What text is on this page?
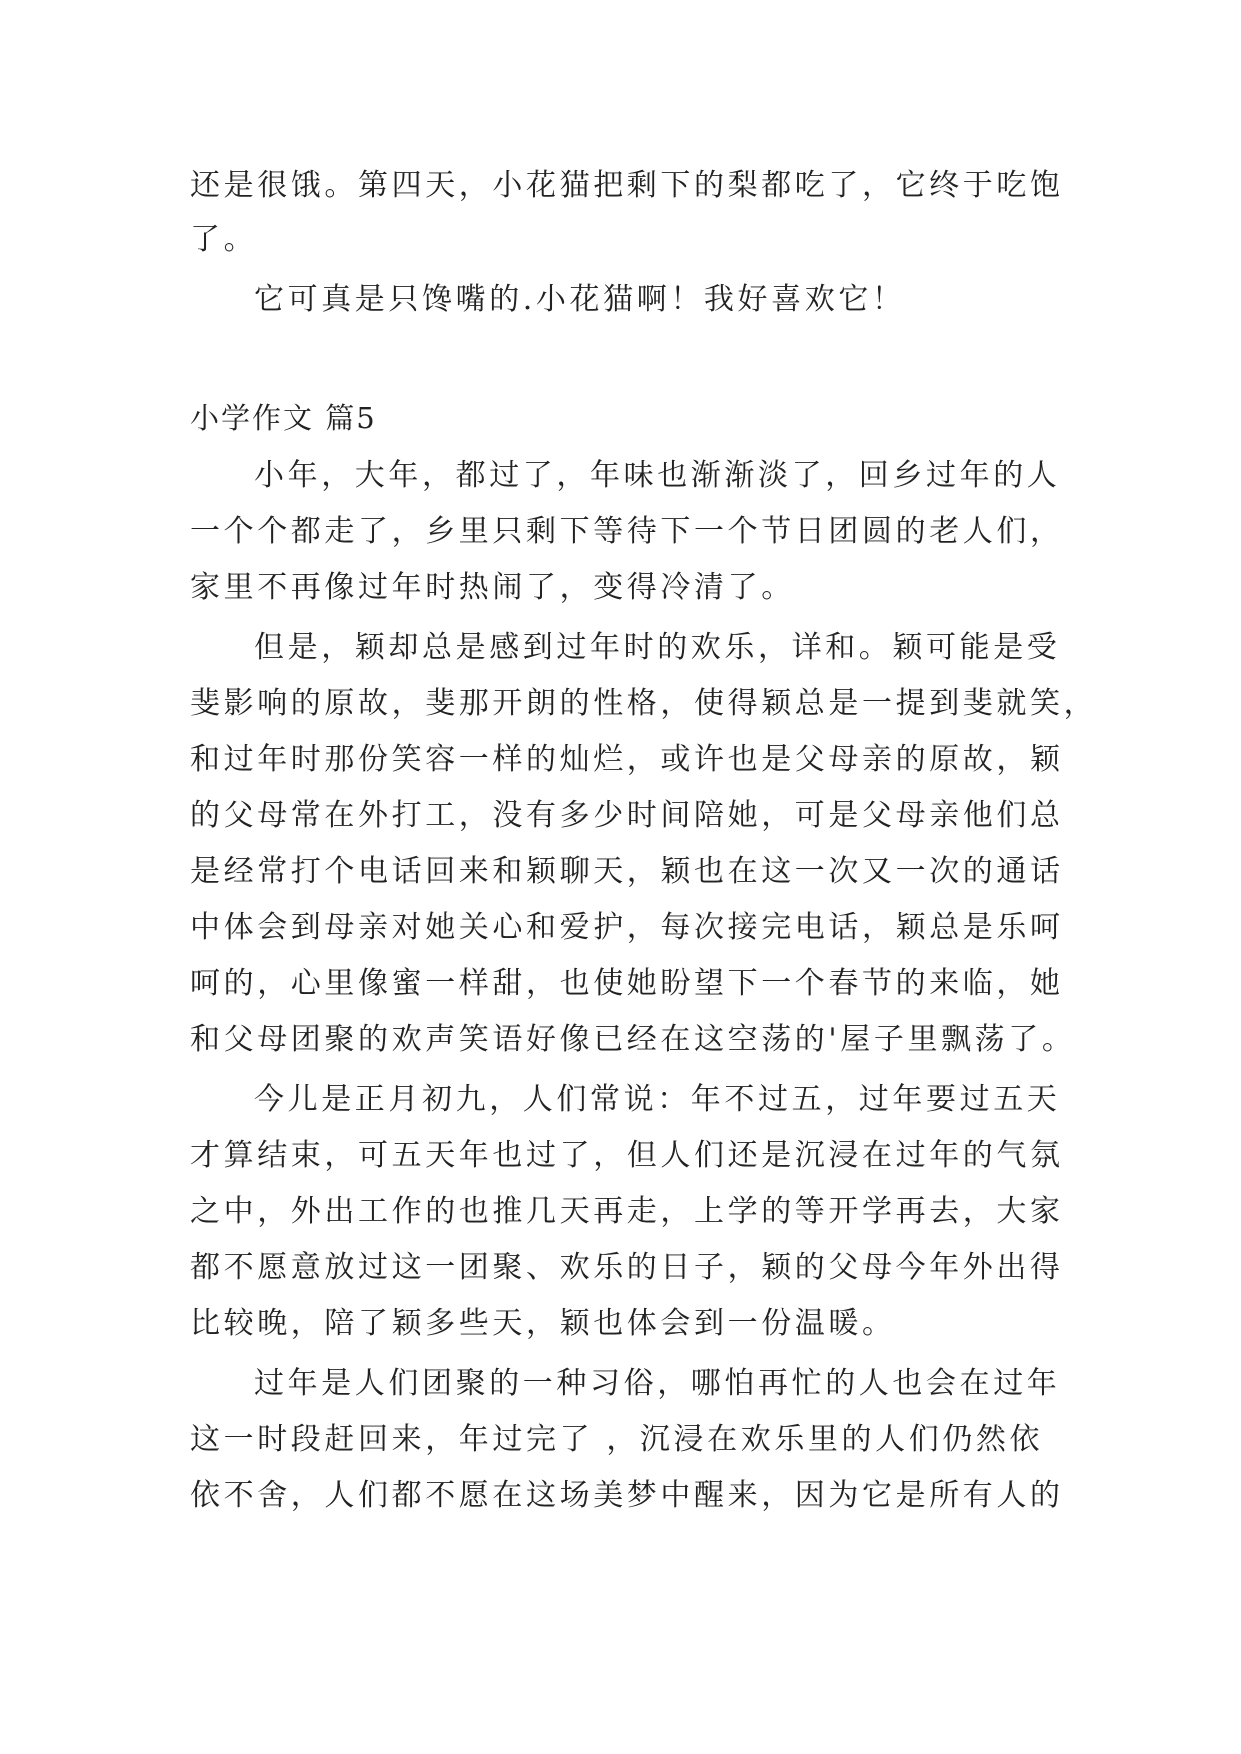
还是很饿。第四天，小花猫把剩下的梨都吃了，它终于吃饱
了。
它可真是只馋嘴的.小花猫啊！我好喜欢它！
小学作文 篇5
小年，大年，都过了，年味也渐渐淡了，回乡过年的人
一个个都走了，乡里只剩下等待下一个节日团圆的老人们，
家里不再像过年时热闹了，变得冷清了。
但是，颖却总是感到过年时的欢乐，详和。颖可能是受
斐影响的原故，斐那开朗的性格，使得颖总是一提到斐就笑，
和过年时那份笑容一样的灿烂，或许也是父母亲的原故，颖
的父母常在外打工，没有多少时间陪她，可是父母亲他们总
是经常打个电话回来和颖聊天，颖也在这一次又一次的通话
中体会到母亲对她关心和爱护，每次接完电话，颖总是乐呵
呵的，心里像蜜一样甜，也使她盼望下一个春节的来临，她
和父母团聚的欢声笑语好像已经在这空荡的'屋子里飘荡了。
今儿是正月初九，人们常说：年不过五，过年要过五天
才算结束，可五天年也过了，但人们还是沉浸在过年的气氛
之中，外出工作的也推几天再走，上学的等开学再去，大家
都不愿意放过这一团聚、欢乐的日子，颖的父母今年外出得
比较晚，陪了颖多些天，颖也体会到一份温暖。
过年是人们团聚的一种习俗，哪怕再忙的人也会在过年
这一时段赶回来，年过完了 ，沉浸在欢乐里的人们仍然依
依不舍，人们都不愿在这场美梦中醒来，因为它是所有人的
